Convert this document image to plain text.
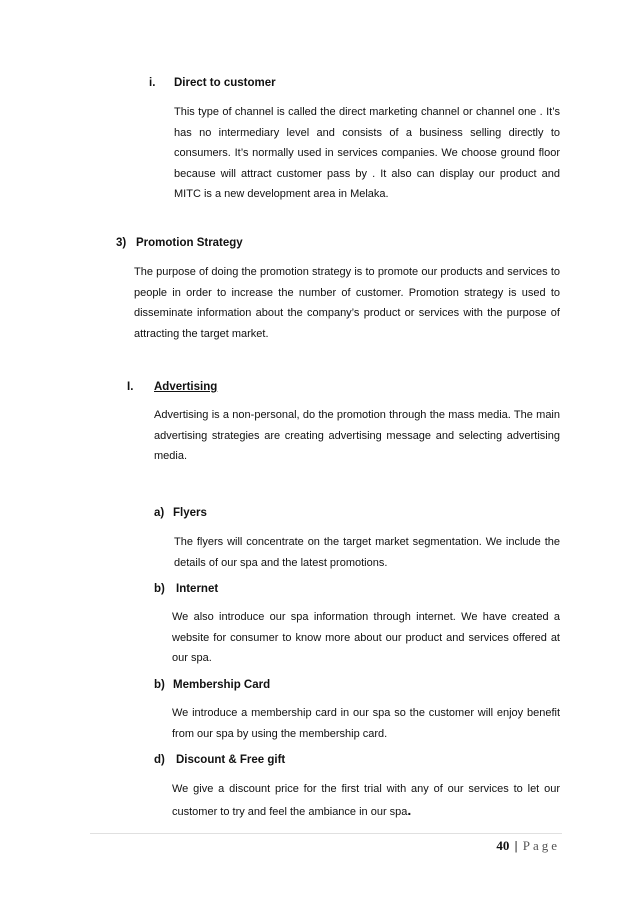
i. Direct to customer
This type of channel is called the direct marketing channel or channel one . It’s has no intermediary level and consists of a business selling directly to consumers. It’s normally used in services companies. We choose ground floor because will attract customer pass by . It also can display our product and MITC is a new development area in Melaka.
3) Promotion Strategy
The purpose of doing the promotion strategy is to promote our products and services to people in order to increase the number of customer. Promotion strategy is used to disseminate information about the company’s product or services with the purpose of attracting the target market.
I. Advertising
Advertising is a non-personal, do the promotion through the mass media. The main advertising strategies are creating advertising message and selecting advertising media.
a) Flyers
The flyers will concentrate on the target market segmentation. We include the details of our spa and the latest promotions.
b) Internet
We also introduce our spa information through internet. We have created a website for consumer to know more about our product and services offered at our spa.
b) Membership Card
We introduce a membership card in our spa so the customer will enjoy benefit from our spa by using the membership card.
d) Discount & Free gift
We give a discount price for the first trial with any of our services to let our customer to try and feel the ambiance in our spa.
40 | Page
